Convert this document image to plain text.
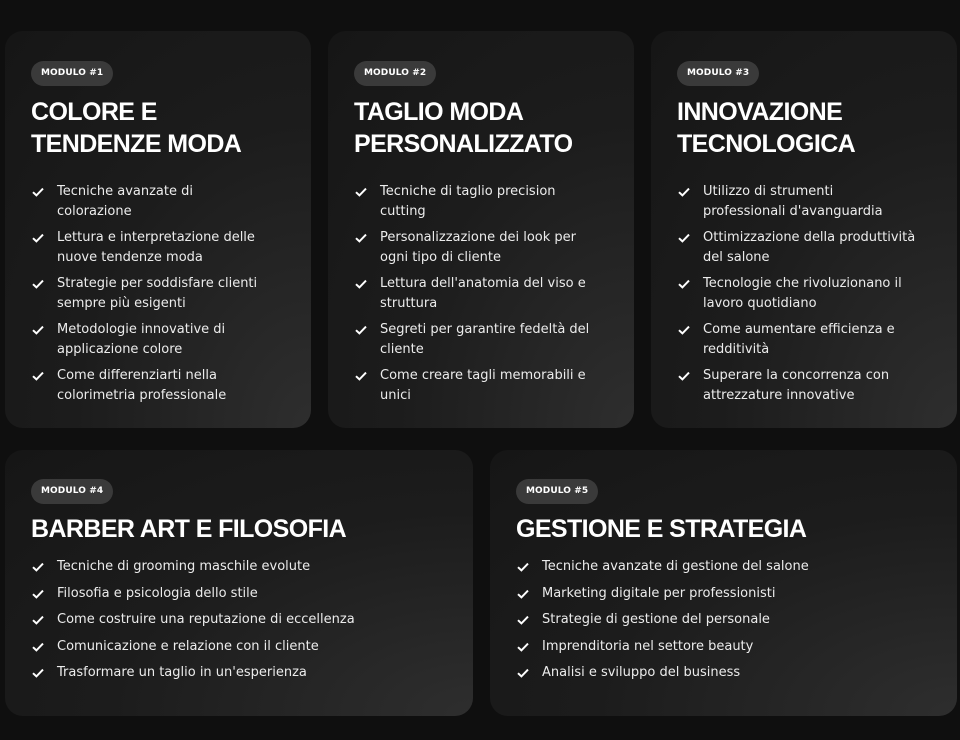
MODULO #1
COLORE E TENDENZE MODA
Tecniche avanzate di colorazione
Lettura e interpretazione delle nuove tendenze moda
Strategie per soddisfare clienti sempre più esigenti
Metodologie innovative di applicazione colore
Come differenziarti nella colorimetria professionale
MODULO #2
TAGLIO MODA PERSONALIZZATO
Tecniche di taglio precision cutting
Personalizzazione dei look per ogni tipo di cliente
Lettura dell'anatomia del viso e struttura
Segreti per garantire fedeltà del cliente
Come creare tagli memorabili e unici
MODULO #3
INNOVAZIONE TECNOLOGICA
Utilizzo di strumenti professionali d'avanguardia
Ottimizzazione della produttività del salone
Tecnologie che rivoluzionano il lavoro quotidiano
Come aumentare efficienza e redditività
Superare la concorrenza con attrezzature innovative
MODULO #4
BARBER ART E FILOSOFIA
Tecniche di grooming maschile evolute
Filosofia e psicologia dello stile
Come costruire una reputazione di eccellenza
Comunicazione e relazione con il cliente
Trasformare un taglio in un'esperienza
MODULO #5
GESTIONE E STRATEGIA
Tecniche avanzate di gestione del salone
Marketing digitale per professionisti
Strategie di gestione del personale
Imprenditoria nel settore beauty
Analisi e sviluppo del business
